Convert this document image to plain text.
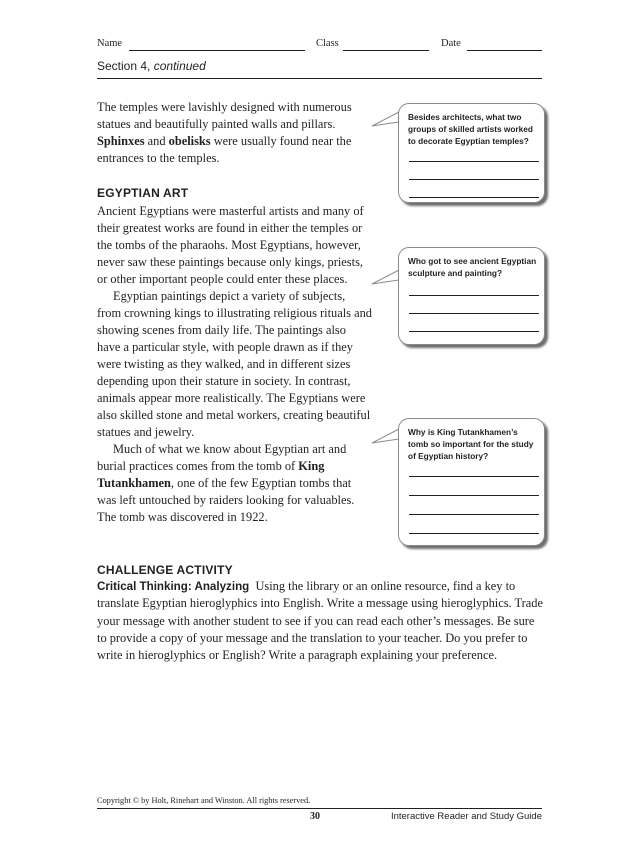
Name	Class	Date
Section 4, continued

The temples were lavishly designed with numerous statues and beautifully painted walls and pillars. Sphinxes and obelisks were usually found near the entrances to the temples.

EGYPTIAN ART

Ancient Egyptians were masterful artists and many of their greatest works are found in either the temples or the tombs of the pharaohs. Most Egyptians, however, never saw these paintings because only kings, priests, or other important people could enter these places.

Egyptian paintings depict a variety of subjects, from crowning kings to illustrating religious rituals and showing scenes from daily life. The paintings also have a particular style, with people drawn as if they were twisting as they walked, and in different sizes depending upon their stature in society. In contrast, animals appear more realistically. The Egyptians were also skilled stone and metal workers, creating beautiful statues and jewelry.

Much of what we know about Egyptian art and burial practices comes from the tomb of King Tutankhamen, one of the few Egyptian tombs that was left untouched by raiders looking for valuables. The tomb was discovered in 1922.

Besides architects, what two groups of skilled artists worked to decorate Egyptian temples?
Who got to see ancient Egyptian sculpture and painting?
Why is King Tutankhamen’s tomb so important for the study of Egyptian history?
CHALLENGE ACTIVITY
Critical Thinking: Analyzing Using the library or an online resource, find a key to translate Egyptian hieroglyphics into English. Write a message using hieroglyphics. Trade your message with another student to see if you can read each other’s messages. Be sure to provide a copy of your message and the translation to your teacher. Do you prefer to write in hieroglyphics or English? Write a paragraph explaining your preference.
Copyright © by Holt, Rinehart and Winston. All rights reserved.
30	Interactive Reader and Study Guide
